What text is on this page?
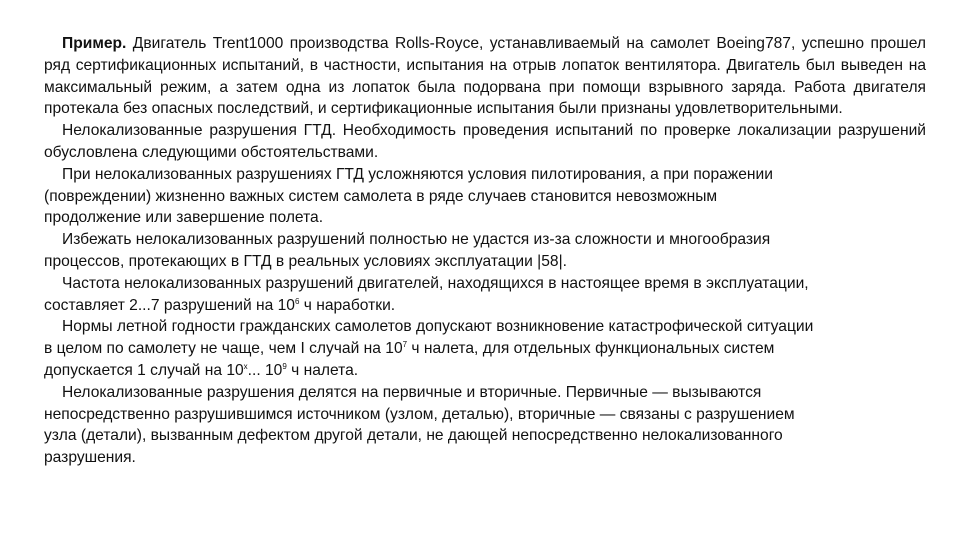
Пример. Двигатель Trent1000 производства Rolls-Royce, устанавливаемый на самолет Boeing787, успешно прошел ряд сертификационных испытаний, в частности, испытания на отрыв лопаток вентилятора. Двигатель был выведен на максимальный режим, а затем одна из лопаток была подорвана при помощи взрывного заряда. Работа двигателя протекала без опасных последствий, и сертификационные испытания были признаны удовлетворительными.

Нелокализованные разрушения ГТД. Необходимость проведения испытаний по проверке локализации разрушений обусловлена следующими обстоятельствами.

При нелокализованных разрушениях ГТД усложняются условия пилотирования, а при поражении
(повреждении) жизненно важных систем самолета в ряде случаев становится невозможным
продолжение или завершение полета.

Избежать нелокализованных разрушений полностью не удастся из-за сложности и многообразия
процессов, протекающих в ГТД в реальных условиях эксплуатации |58|.

Частота нелокализованных разрушений двигателей, находящихся в настоящее время в эксплуатации,
составляет 2...7 разрушений на $10^6$ ч наработки.

Нормы летной годности гражданских самолетов допускают возникновение катастрофической ситуации
в целом по самолету не чаще, чем I случай на $10^7$ ч налета, для отдельных функциональных систем
допускается 1 случай на 10$^x$... $10^9$ ч налета.

Нелокализованные разрушения делятся на первичные и вторичные. Первичные — вызываются
непосредственно разрушившимся источником (узлом, деталью), вторичные — связаны с разрушением
узла (детали), вызванным дефектом другой детали, не дающей непосредственно нелокализованного
разрушения.
